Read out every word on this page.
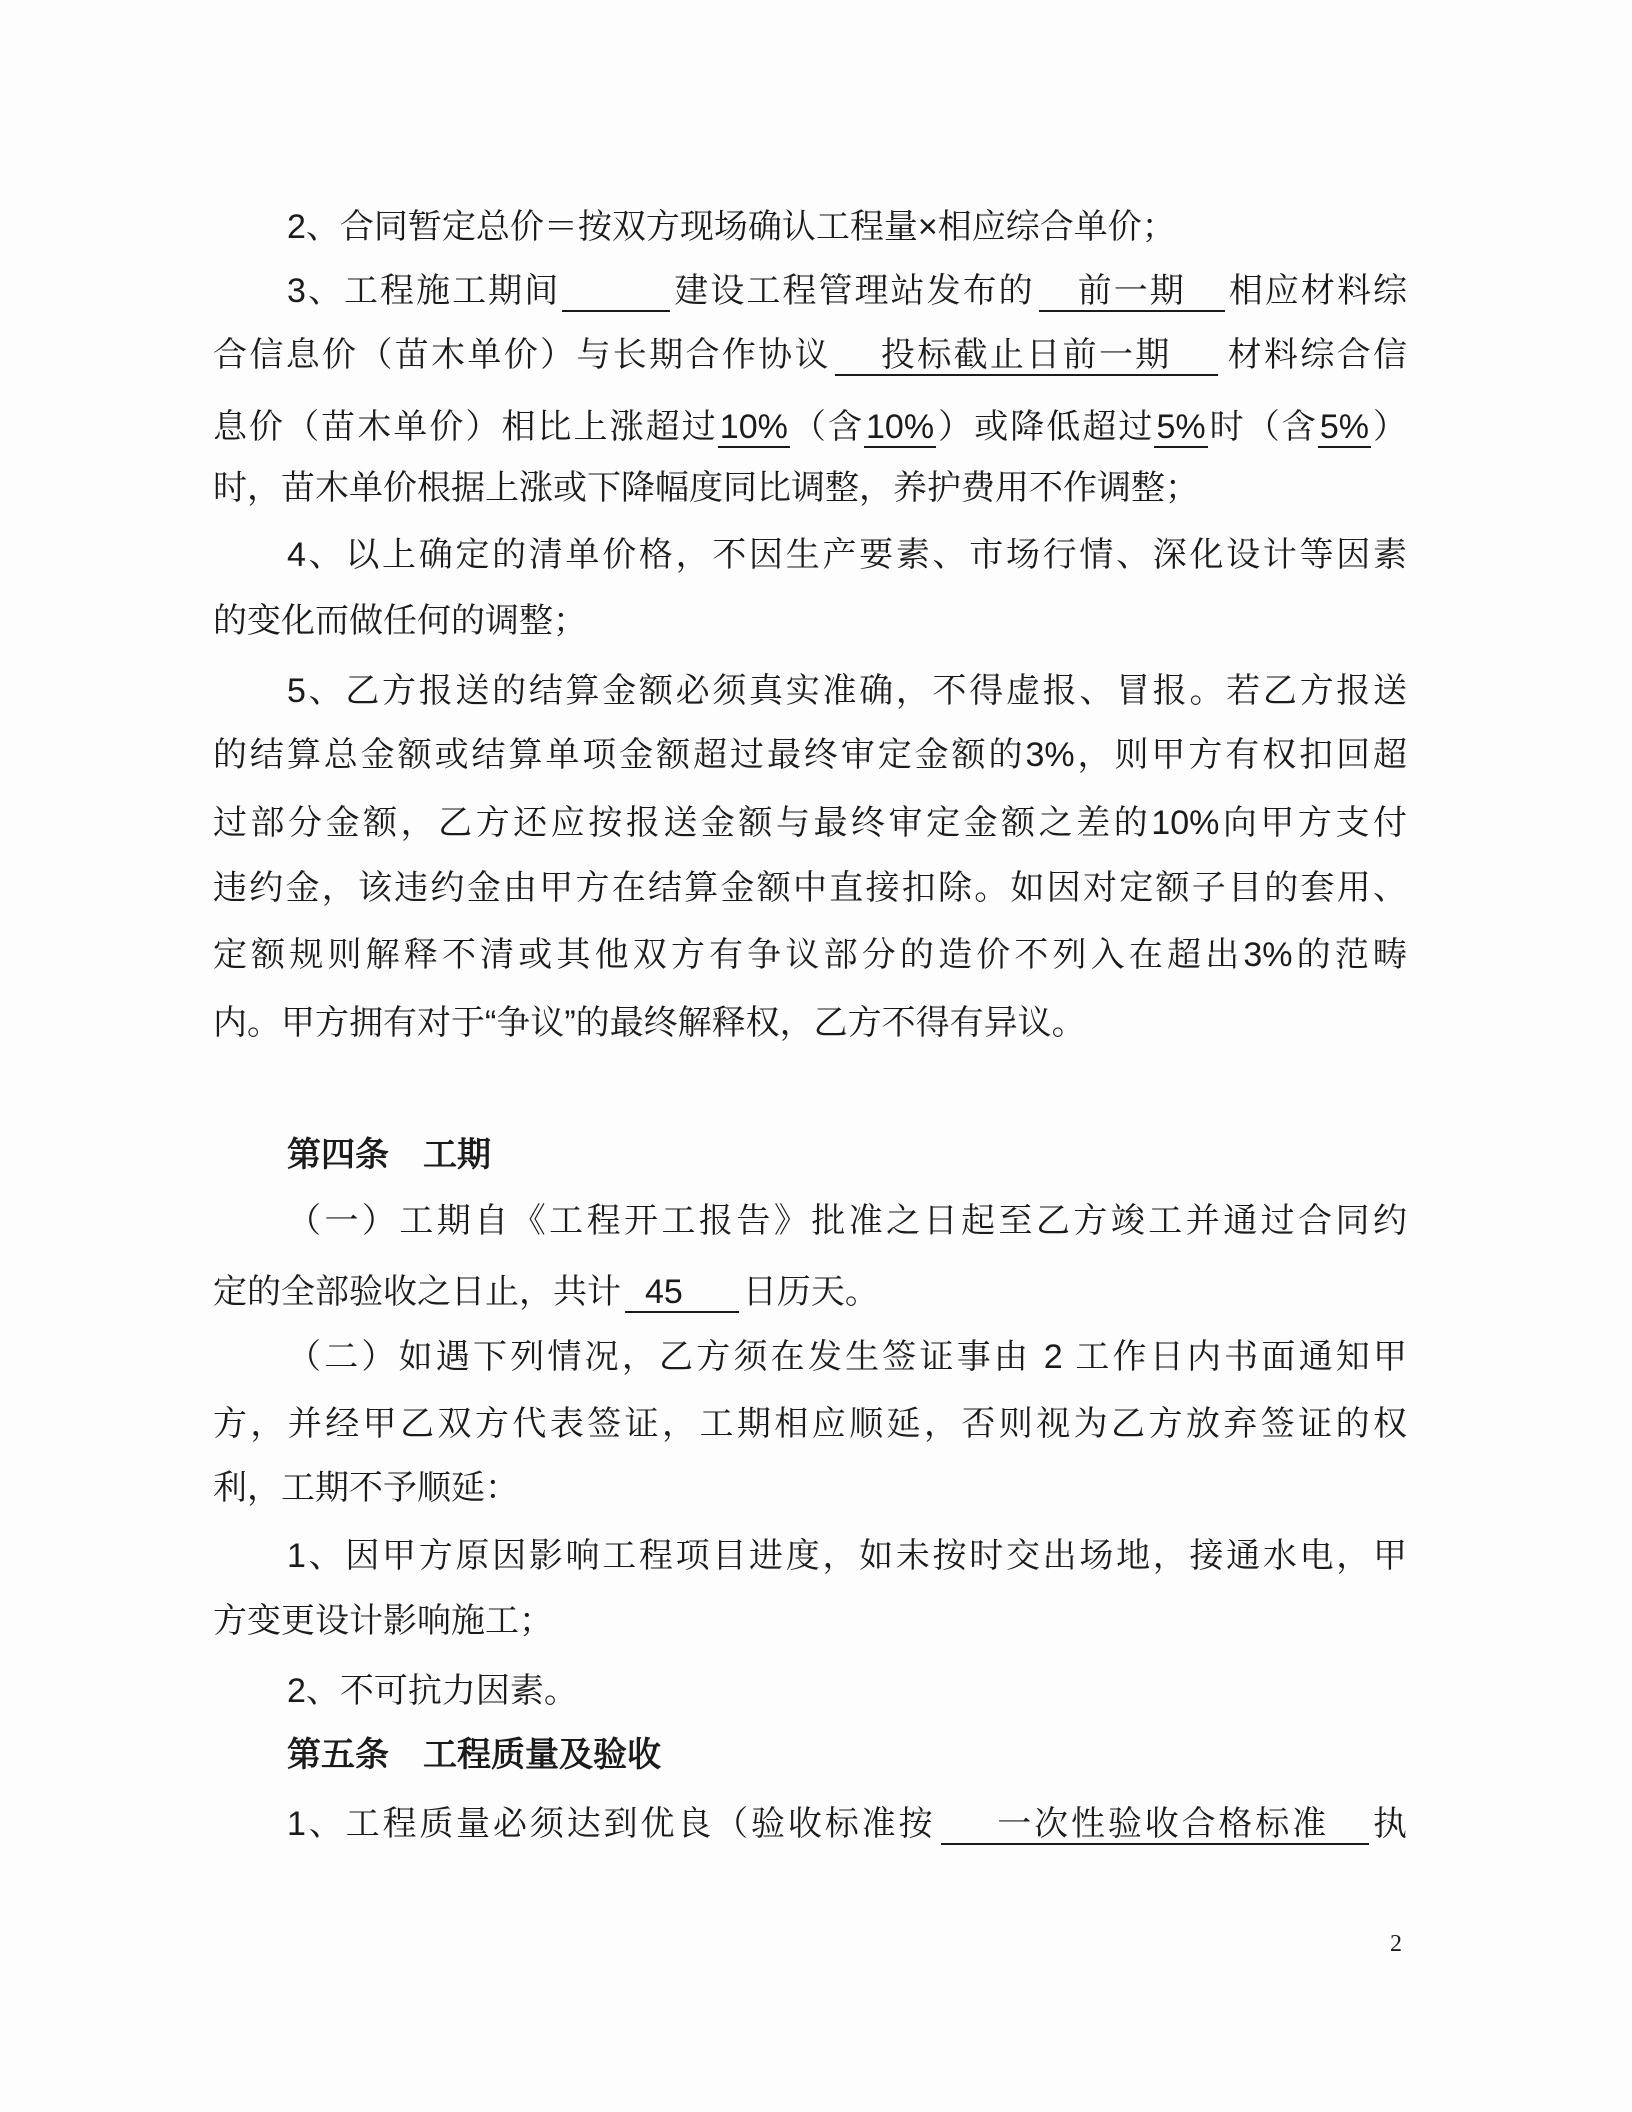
2、合同暂定总价＝按双方现场确认工程量×相应综合单价；
3、工程施工期间	建设工程管理站发布的 前一期 相应材料综
合信息价（苗木单价）与长期合作协议 投标截止日前一期 材料综合信
息价（苗木单价）相比上涨超过10%（含10%）或降低超过5%时（含5%）
时，苗木单价根据上涨或下降幅度同比调整，养护费用不作调整；
4、以上确定的清单价格，不因生产要素、市场行情、深化设计等因素
的变化而做任何的调整；
5、乙方报送的结算金额必须真实准确，不得虚报、冒报。若乙方报送
的结算总金额或结算单项金额超过最终审定金额的3%，则甲方有权扣回超
过部分金额，乙方还应按报送金额与最终审定金额之差的10%向甲方支付
违约金，该违约金由甲方在结算金额中直接扣除。如因对定额子目的套用、
定额规则解释不清或其他双方有争议部分的造价不列入在超出3%的范畴
内。甲方拥有对于“争议”的最终解释权，乙方不得有异议。
第四条　工期
（一）工期自《工程开工报告》批准之日起至乙方竣工并通过合同约
定的全部验收之日止，共计 45 日历天。
（二）如遇下列情况，乙方须在发生签证事由 2 工作日内书面通知甲
方，并经甲乙双方代表签证，工期相应顺延，否则视为乙方放弃签证的权
利，工期不予顺延：
1、因甲方原因影响工程项目进度，如未按时交出场地，接通水电，甲
方变更设计影响施工；
2、不可抗力因素。
第五条　工程质量及验收
1、工程质量必须达到优良（验收标准按 一次性验收合格标准 执
2
